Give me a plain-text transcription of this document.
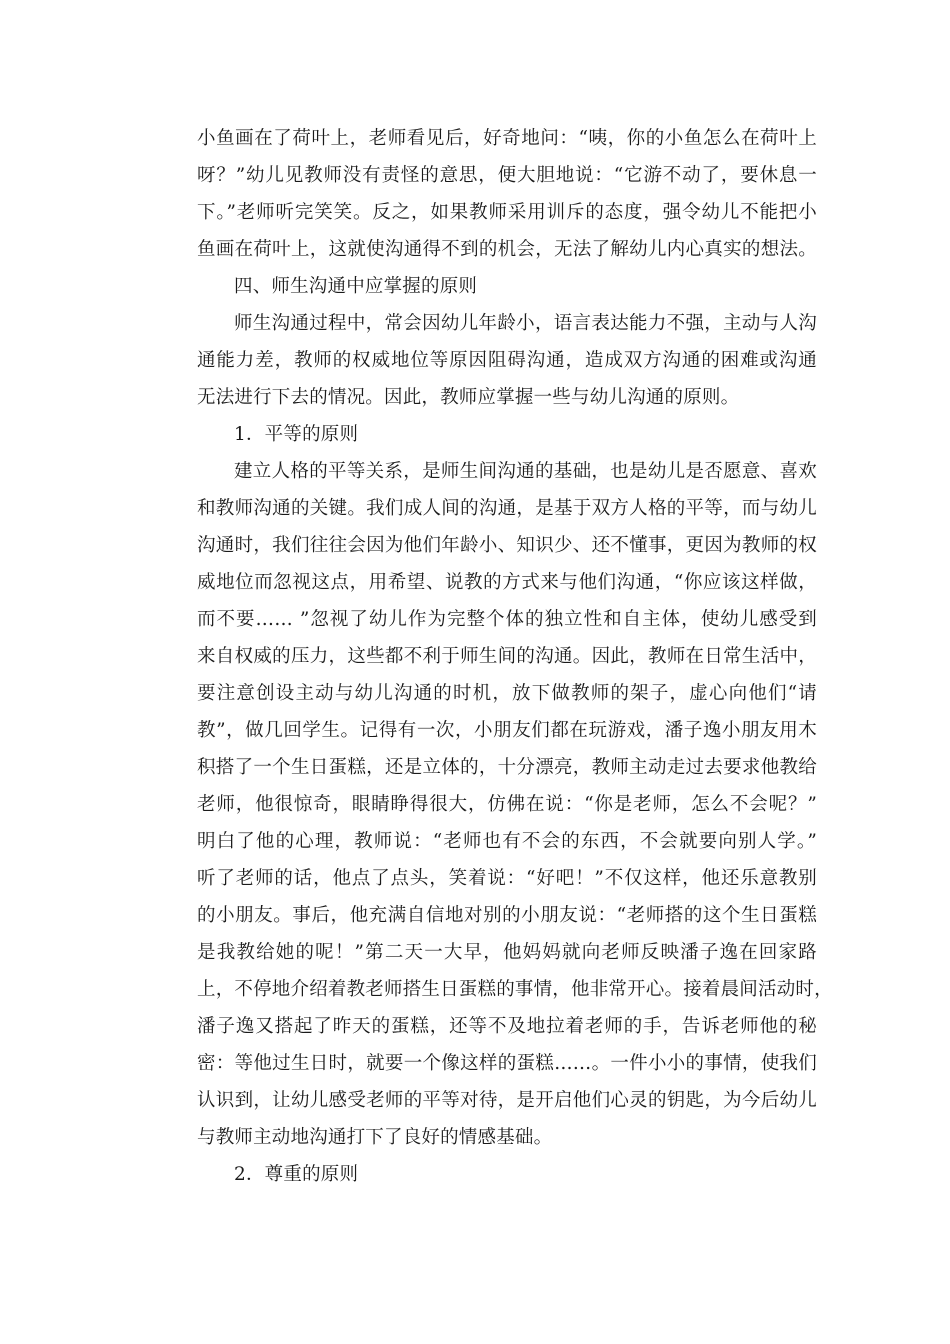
小鱼画在了荷叶上，老师看见后，好奇地问：“咦，你的小鱼怎么在荷叶上
呀？”幼儿见教师没有责怪的意思，便大胆地说：“它游不动了，要休息一
下。”老师听完笑笑。反之，如果教师采用训斥的态度，强令幼儿不能把小
鱼画在荷叶上，这就使沟通得不到的机会，无法了解幼儿内心真实的想法。
四、师生沟通中应掌握的原则
师生沟通过程中，常会因幼儿年龄小，语言表达能力不强，主动与人沟
通能力差，教师的权威地位等原因阻碍沟通，造成双方沟通的困难或沟通
无法进行下去的情况。因此，教师应掌握一些与幼儿沟通的原则。
1．平等的原则
建立人格的平等关系，是师生间沟通的基础，也是幼儿是否愿意、喜欢
和教师沟通的关键。我们成人间的沟通，是基于双方人格的平等，而与幼儿
沟通时，我们往往会因为他们年龄小、知识少、还不懂事，更因为教师的权
威地位而忽视这点，用希望、说教的方式来与他们沟通，“你应该这样做，
而不要…… ”忽视了幼儿作为完整个体的独立性和自主体，使幼儿感受到
来自权威的压力，这些都不利于师生间的沟通。因此，教师在日常生活中，
要注意创设主动与幼儿沟通的时机，放下做教师的架子，虚心向他们“请
教”，做几回学生。记得有一次，小朋友们都在玩游戏，潘子逸小朋友用木
积搭了一个生日蛋糕，还是立体的，十分漂亮，教师主动走过去要求他教给
老师，他很惊奇，眼睛睁得很大，仿佛在说：“你是老师，怎么不会呢？”
明白了他的心理，教师说：“老师也有不会的东西，不会就要向别人学。”
听了老师的话，他点了点头，笑着说：“好吧！”不仅这样，他还乐意教别
的小朋友。事后，他充满自信地对别的小朋友说：“老师搭的这个生日蛋糕
是我教给她的呢！”第二天一大早，他妈妈就向老师反映潘子逸在回家路
上，不停地介绍着教老师搭生日蛋糕的事情，他非常开心。接着晨间活动时，
潘子逸又搭起了昨天的蛋糕，还等不及地拉着老师的手，告诉老师他的秘
密：等他过生日时，就要一个像这样的蛋糕……。一件小小的事情，使我们
认识到，让幼儿感受老师的平等对待，是开启他们心灵的钥匙，为今后幼儿
与教师主动地沟通打下了良好的情感基础。
2．尊重的原则
